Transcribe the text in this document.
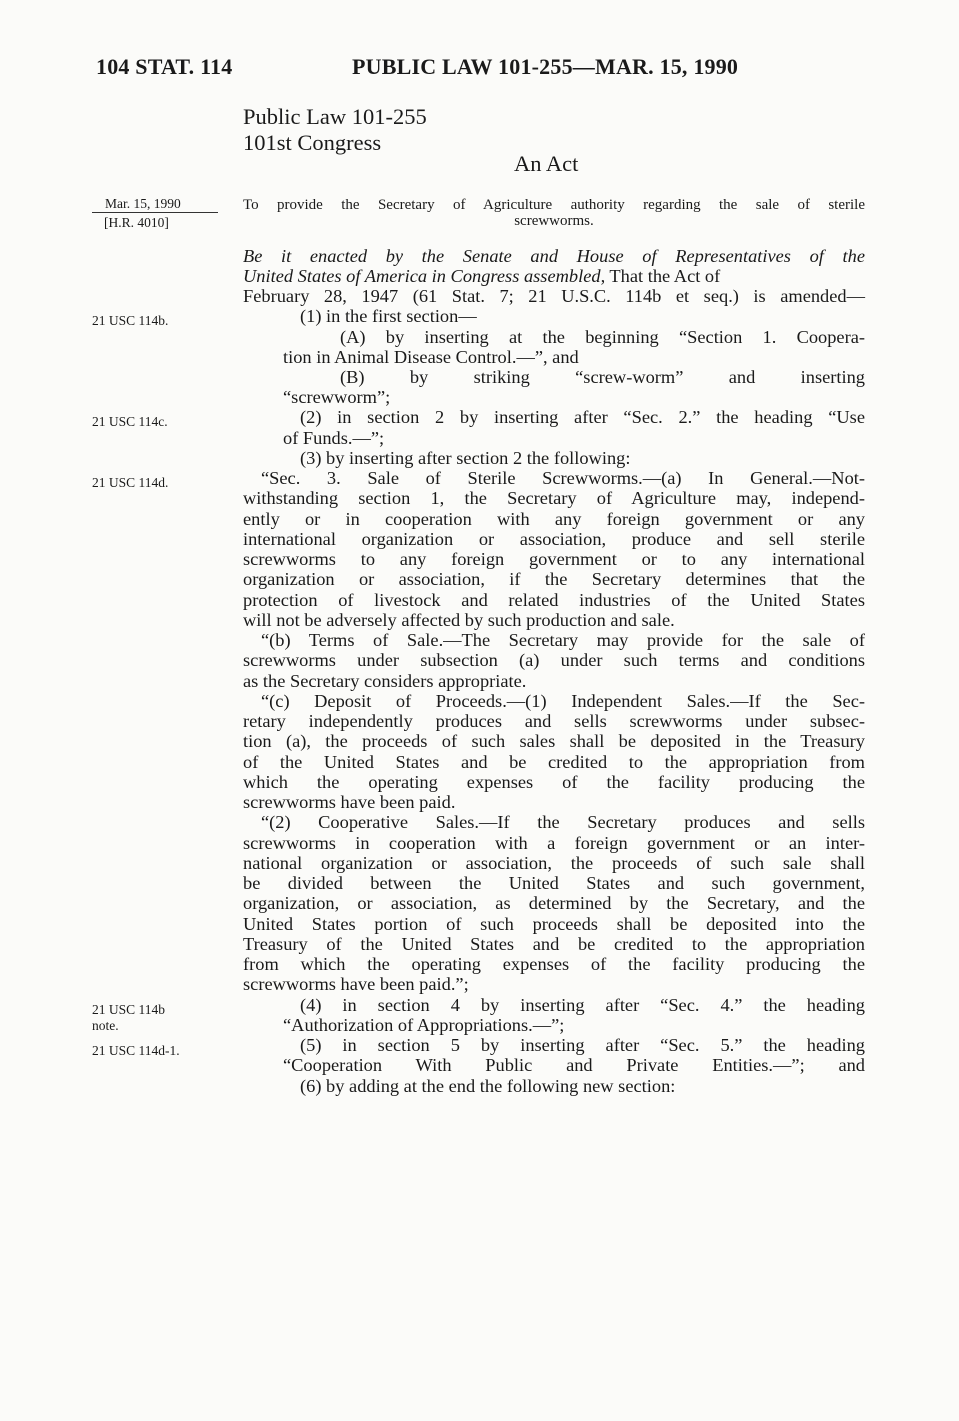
104 STAT. 114	PUBLIC LAW 101-255—MAR. 15, 1990
Public Law 101-255
101st Congress
An Act
Mar. 15, 1990
[H.R. 4010]
21 USC 114b.
21 USC 114c.
21 USC 114d.
21 USC 114b
note.
21 USC 114d-1.
To provide the Secretary of Agriculture authority regarding the sale of sterile
screwworms.
Be it enacted by the Senate and House of Representatives of the
United States of America in Congress assembled, That the Act of
February 28, 1947 (61 Stat. 7; 21 U.S.C. 114b et seq.) is amended—
(1) in the first section—
(A) by inserting at the beginning “Section 1. Coopera-
tion in Animal Disease Control.—”, and
(B) by striking “screw-worm” and inserting
“screwworm”;
(2) in section 2 by inserting after “Sec. 2.” the heading “Use
of Funds.—”;
(3) by inserting after section 2 the following:
“Sec. 3. Sale of Sterile Screwworms.—(a) In General.—Not-
withstanding section 1, the Secretary of Agriculture may, independ-
ently or in cooperation with any foreign government or any
international organization or association, produce and sell sterile
screwworms to any foreign government or to any international
organization or association, if the Secretary determines that the
protection of livestock and related industries of the United States
will not be adversely affected by such production and sale.
“(b) Terms of Sale.—The Secretary may provide for the sale of
screwworms under subsection (a) under such terms and conditions
as the Secretary considers appropriate.
“(c) Deposit of Proceeds.—(1) Independent Sales.—If the Sec-
retary independently produces and sells screwworms under subsec-
tion (a), the proceeds of such sales shall be deposited in the Treasury
of the United States and be credited to the appropriation from
which the operating expenses of the facility producing the
screwworms have been paid.
“(2) Cooperative Sales.—If the Secretary produces and sells
screwworms in cooperation with a foreign government or an inter-
national organization or association, the proceeds of such sale shall
be divided between the United States and such government,
organization, or association, as determined by the Secretary, and the
United States portion of such proceeds shall be deposited into the
Treasury of the United States and be credited to the appropriation
from which the operating expenses of the facility producing the
screwworms have been paid.”;
(4) in section 4 by inserting after “Sec. 4.” the heading
“Authorization of Appropriations.—”;
(5) in section 5 by inserting after “Sec. 5.” the heading
“Cooperation With Public and Private Entities.—”; and
(6) by adding at the end the following new section:
